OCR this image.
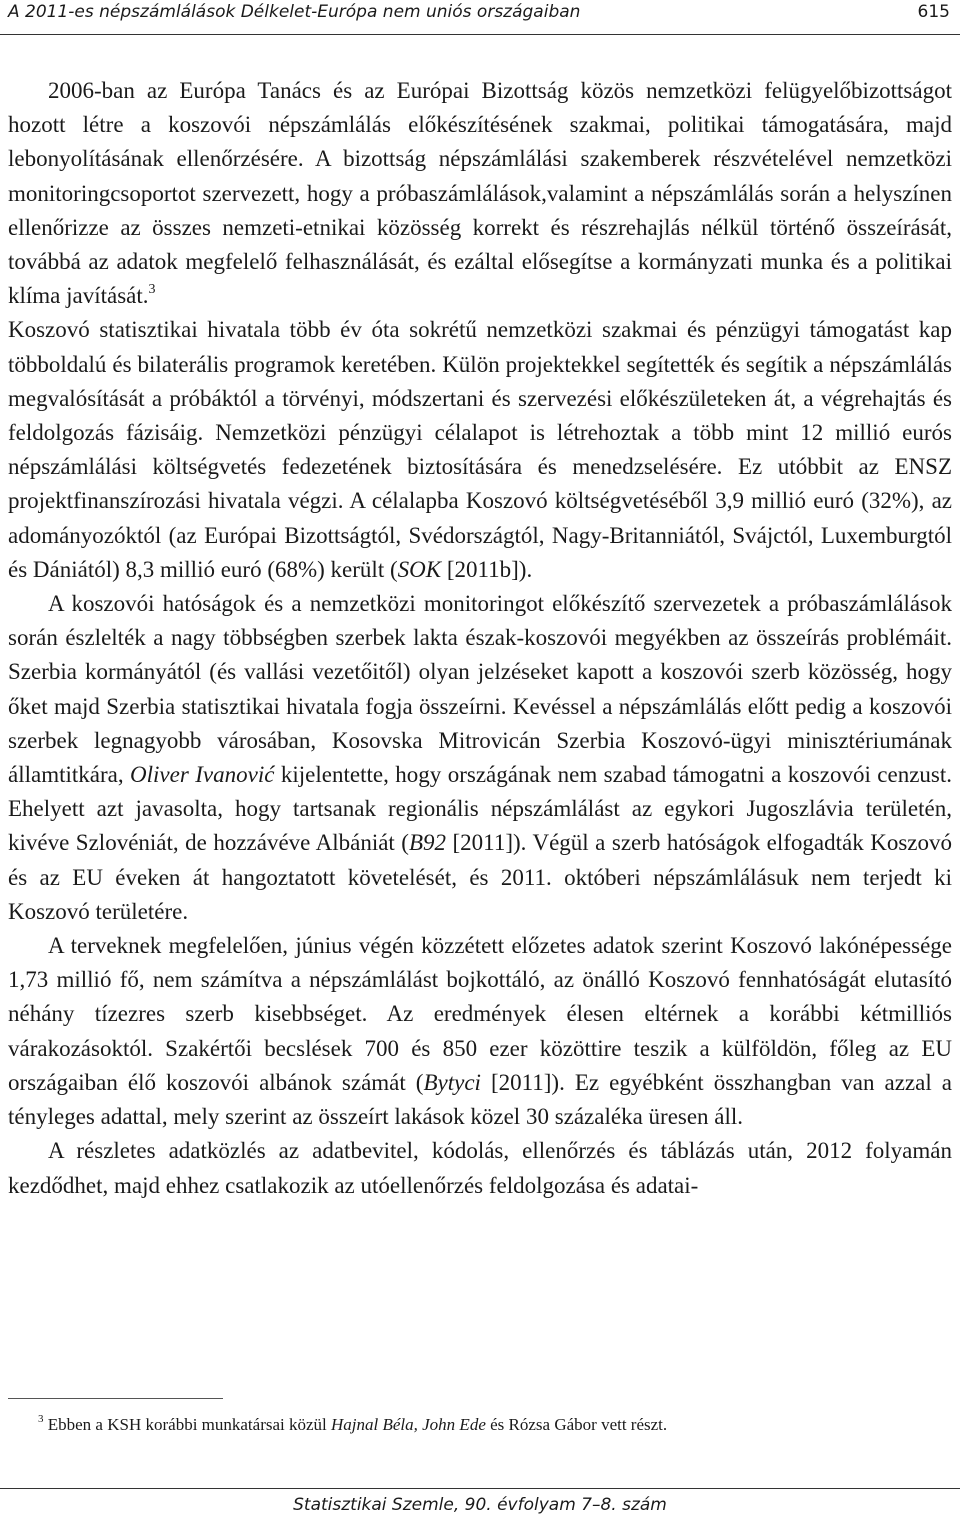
A 2011-es népszámlálások Délkelet-Európa nem uniós országaiban	615

2006-ban az Európa Tanács és az Európai Bizottság közös nemzetközi felügyelőbizottságot hozott létre a koszovói népszámlálás előkészítésének szakmai, politikai támogatására, majd lebonyolításának ellenőrzésére. A bizottság népszámlálási szakemberek részvételével nemzetközi monitoringcsoportot szervezett, hogy a próbaszámlálások,valamint a népszámlálás során a helyszínen ellenőrizze az összes nemzeti-etnikai közösség korrekt és részrehajlás nélkül történő összeírását, továbbá az adatok megfelelő felhasználását, és ezáltal elősegítse a kormányzati munka és a politikai klíma javítását.$^3$
Koszovó statisztikai hivatala több év óta sokrétű nemzetközi szakmai és pénzügyi támogatást kap többoldalú és bilaterális programok keretében. Külön projektekkel segítették és segítik a népszámlálás megvalósítását a próbáktól a törvényi, módszertani és szervezési előkészületeken át, a végrehajtás és feldolgozás fázisáig. Nemzetközi pénzügyi célalapot is létrehoztak a több mint 12 millió eurós népszámlálási költségvetés fedezetének biztosítására és menedzselésére. Ez utóbbit az ENSZ projektfinanszírozási hivatala végzi. A célalapba Koszovó költségvetéséből 3,9 millió euró (32%), az adományozóktól (az Európai Bizottságtól, Svédországtól, Nagy-Britanniától, Svájctól, Luxemburgtól és Dániától) 8,3 millió euró (68%) került (SOK [2011b]).

A koszovói hatóságok és a nemzetközi monitoringot előkészítő szervezetek a próbaszámlálások során észlelték a nagy többségben szerbek lakta észak-koszovói megyékben az összeírás problémáit. Szerbia kormányától (és vallási vezetőitől) olyan jelzéseket kapott a koszovói szerb közösség, hogy őket majd Szerbia statisztikai hivatala fogja összeírni. Kevéssel a népszámlálás előtt pedig a koszovói szerbek legnagyobb városában, Kosovska Mitrovicán Szerbia Koszovó-ügyi minisztériumának államtitkára, Oliver Ivanović kijelentette, hogy országának nem szabad támogatni a koszovói cenzust. Ehelyett azt javasolta, hogy tartsanak regionális népszámlálást az egykori Jugoszlávia területén, kivéve Szlovéniát, de hozzávéve Albániát (B92 [2011]). Végül a szerb hatóságok elfogadták Koszovó és az EU éveken át hangoztatott követelését, és 2011. októberi népszámlálásuk nem terjedt ki Koszovó területére.

A terveknek megfelelően, június végén közzétett előzetes adatok szerint Koszovó lakónépessége 1,73 millió fő, nem számítva a népszámlálást bojkottáló, az önálló Koszovó fennhatóságát elutasító néhány tízezres szerb kisebbséget. Az eredmények élesen eltérnek a korábbi kétmilliós várakozásoktól. Szakértői becslések 700 és 850 ezer közöttire teszik a külföldön, főleg az EU országaiban élő koszovói albánok számát (Bytyci [2011]). Ez egyébként összhangban van azzal a tényleges adattal, mely szerint az összeírt lakások közel 30 százaléka üresen áll.

A részletes adatközlés az adatbevitel, kódolás, ellenőrzés és táblázás után, 2012 folyamán kezdődhet, majd ehhez csatlakozik az utóellenőrzés feldolgozása és adatai-

$^3$ Ebben a KSH korábbi munkatársai közül Hajnal Béla, John Ede és Rózsa Gábor vett részt.
Statisztikai Szemle, 90. évfolyam 7–8. szám
